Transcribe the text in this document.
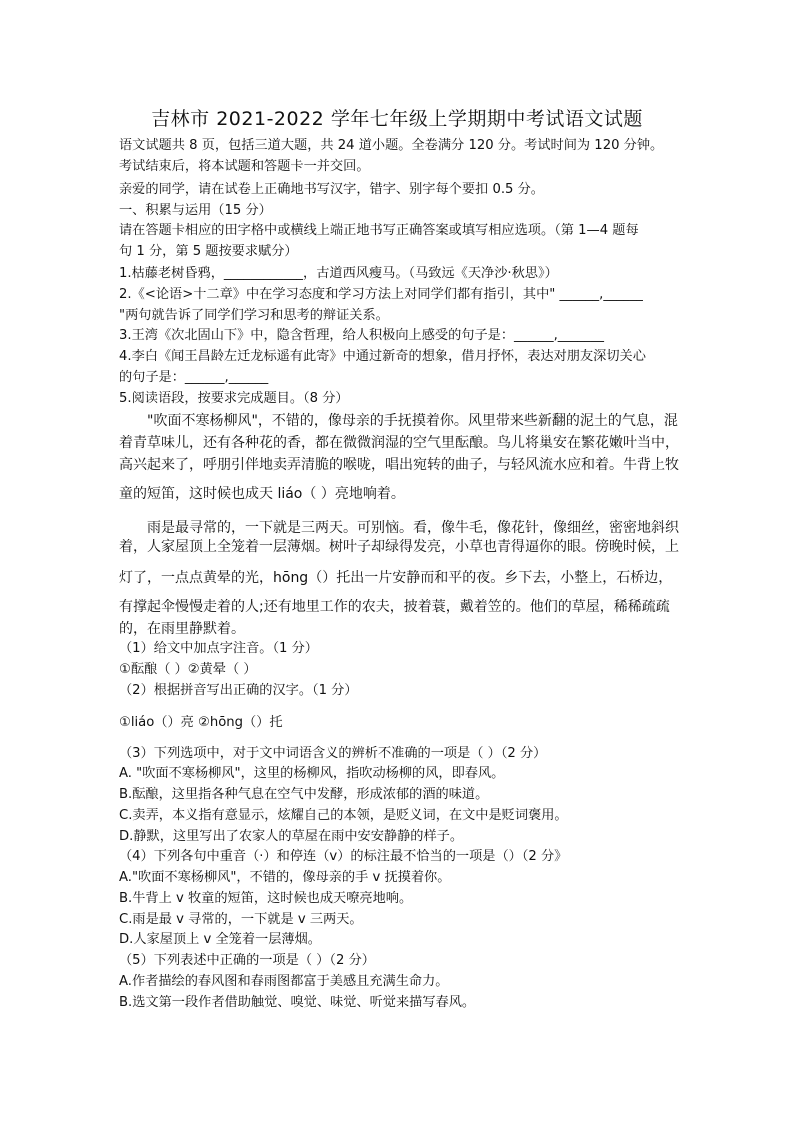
吉林市 2021-2022 学年七年级上学期期中考试语文试题
语文试题共 8 页，包括三道大题，共 24 道小题。全卷满分 120 分。考试时间为 120 分钟。
考试结束后，将本试题和答题卡一并交回。
亲爱的同学，请在试卷上正确地书写汉字，错字、别字每个要扣 0.5 分。
一、积累与运用（15 分）
请在答题卡相应的田字格中或横线上端正地书写正确答案或填写相应选项。（第 1—4 题每
句 1 分，第 5 题按要求赋分）
1.枯藤老树昏鸦，____________，古道西风瘦马。（马致远《天净沙·秋思》）
2.《<论语>十二章》中在学习态度和学习方法上对同学们都有指引，其中" ______,______
"两句就告诉了同学们学习和思考的辩证关系。
3.王湾《次北固山下》中，隐含哲理，给人积极向上感受的句子是：______,_______
4.李白《闻王昌龄左迁龙标遥有此寄》中通过新奇的想象，借月抒怀，表达对朋友深切关心
的句子是：______,______
5.阅读语段，按要求完成题目。（8 分）
"吹面不寒杨柳风"，不错的，像母亲的手抚摸着你。风里带来些新翻的泥土的气息，混
着青草味儿，还有各种花的香，都在微微润湿的空气里酝酿。鸟儿将巢安在繁花嫩叶当中，
高兴起来了，呼朋引伴地卖弄清脆的喉咙，唱出宛转的曲子，与轻风流水应和着。牛背上牧
童的短笛，这时候也成天 liáo（ ）亮地响着。
雨是最寻常的，一下就是三两天。可别恼。看，像牛毛，像花针，像细丝，密密地斜织
着，人家屋顶上全笼着一层薄烟。树叶子却绿得发亮，小草也青得逼你的眼。傍晚时候，上
灯了，一点点黄晕的光，hōng（）托出一片安静而和平的夜。乡下去，小整上，石桥边，
有撑起伞慢慢走着的人;还有地里工作的农夫，披着蓑，戴着笠的。他们的草屋，稀稀疏疏
的，在雨里静默着。
（1）给文中加点字注音。（1 分）
①酝酿（ ）②黄晕（ ）
（2）根据拼音写出正确的汉字。（1 分）
①liáo（）亮 ②hōng（）托
（3）下列选项中，对于文中词语含义的辨析不准确的一项是（ ）（2 分）
A. "吹面不寒杨柳风"，这里的杨柳风，指吹动杨柳的风，即春风。
B.酝酿，这里指各种气息在空气中发酵，形成浓郁的酒的味道。
C.卖弄，本义指有意显示，炫耀自己的本领，是贬义词，在文中是贬词褒用。
D.静默，这里写出了农家人的草屋在雨中安安静静的样子。
（4）下列各句中重音（·）和停连（v）的标注最不恰当的一项是（）（2 分》
A."吹面不寒杨柳风"，不错的，像母亲的手 v 抚摸着你。
B.牛背上 v 牧童的短笛，这时候也成天嘹亮地响。
C.雨是最 v 寻常的，一下就是 v 三两天。
D.人家屋顶上 v 全笼着一层薄烟。
（5）下列表述中正确的一项是（ ）（2 分）
A.作者描绘的春风图和春雨图都富于美感且充满生命力。
B.选文第一段作者借助触觉、嗅觉、味觉、听觉来描写春风。
